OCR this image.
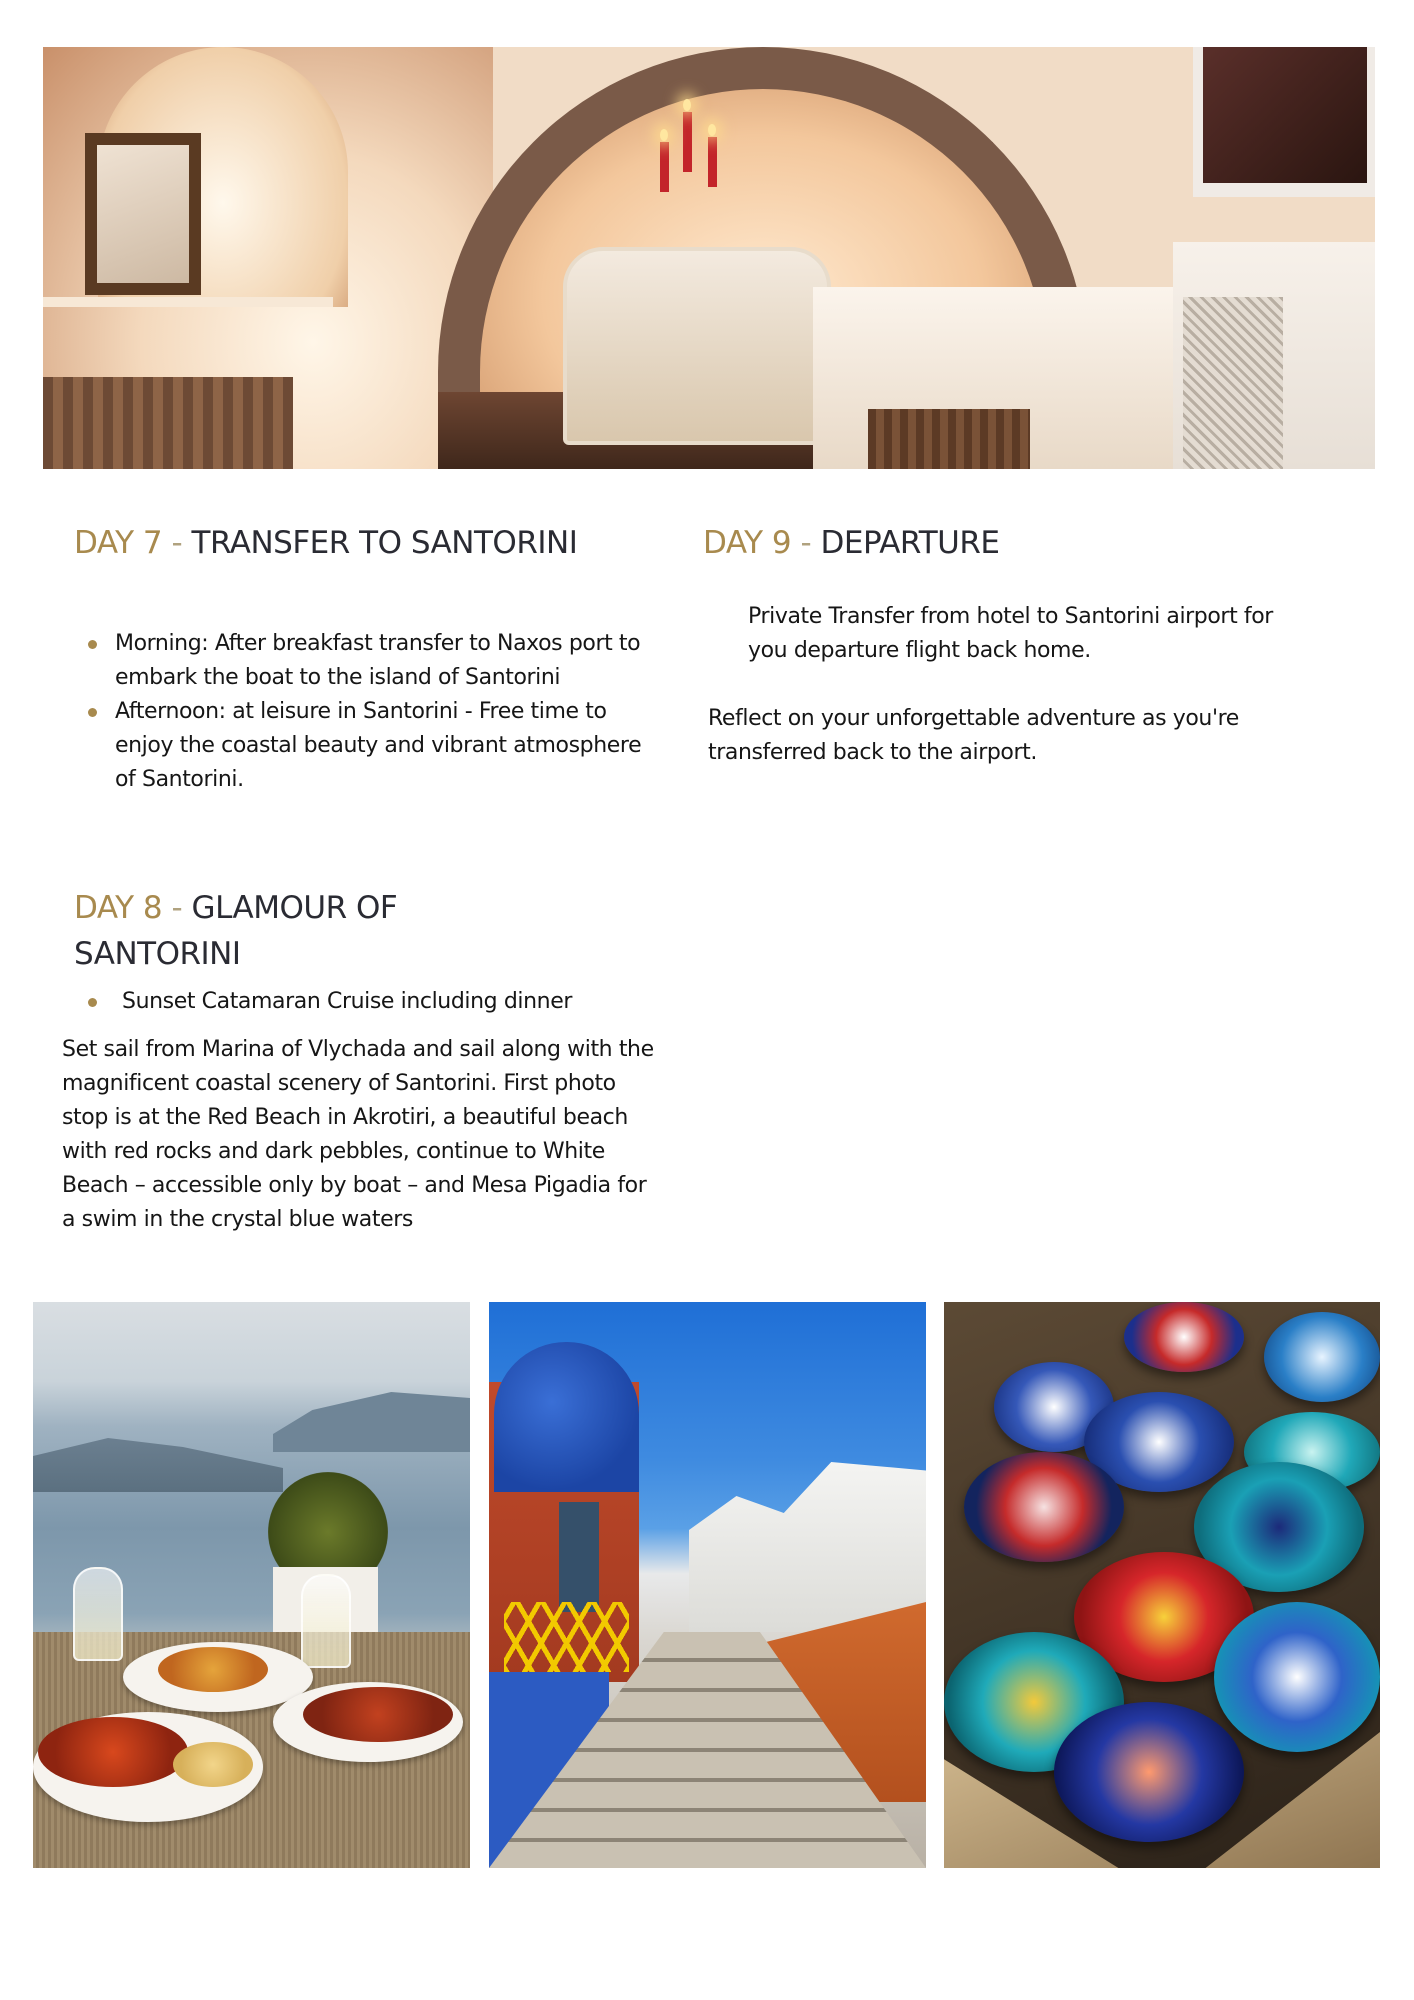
DAY 7 - TRANSFER TO SANTORINI
Morning: After breakfast transfer to Naxos port to embark the boat to the island of Santorini
Afternoon: at leisure in Santorini - Free time to enjoy the coastal beauty and vibrant atmosphere of Santorini.
DAY 8 - GLAMOUR OF SANTORINI
Sunset Catamaran Cruise including dinner

Set sail from Marina of Vlychada and sail along with the magnificent coastal scenery of Santorini. First photo stop is at the Red Beach in Akrotiri, a beautiful beach with red rocks and dark pebbles, continue to White Beach – accessible only by boat – and Mesa Pigadia for a swim in the crystal blue waters

DAY 9 - DEPARTURE

Private Transfer from hotel to Santorini airport for you departure flight back home.

Reflect on your unforgettable adventure as you're transferred back to the airport.
